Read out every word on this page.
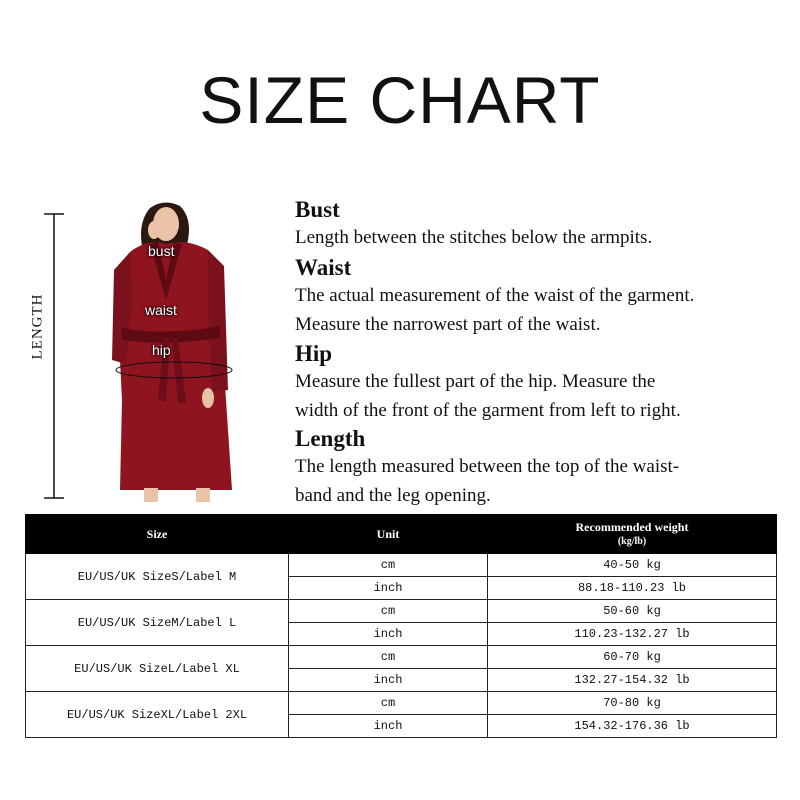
SIZE CHART
LENGTH
bust
waist
hip
Bust

Length between the stitches below the armpits.

Waist

The actual measurement of the waist of the garment.

Measure the narrowest part of the waist.

Hip

Measure the fullest part of the hip. Measure the

width of the front of the garment from left to right.

Length

The length measured between the top of the waist-

band and the leg opening.

Size	Unit	Recommended weight
(kg/lb)

EU/US/UK SizeS/Label M	cm	40-50 kg
	inch	88.18-110.23 lb
EU/US/UK SizeM/Label L	cm	50-60 kg
	inch	110.23-132.27 lb
EU/US/UK SizeL/Label XL	cm	60-70 kg
	inch	132.27-154.32 lb
EU/US/UK SizeXL/Label 2XL	cm	70-80 kg
	inch	154.32-176.36 lb
